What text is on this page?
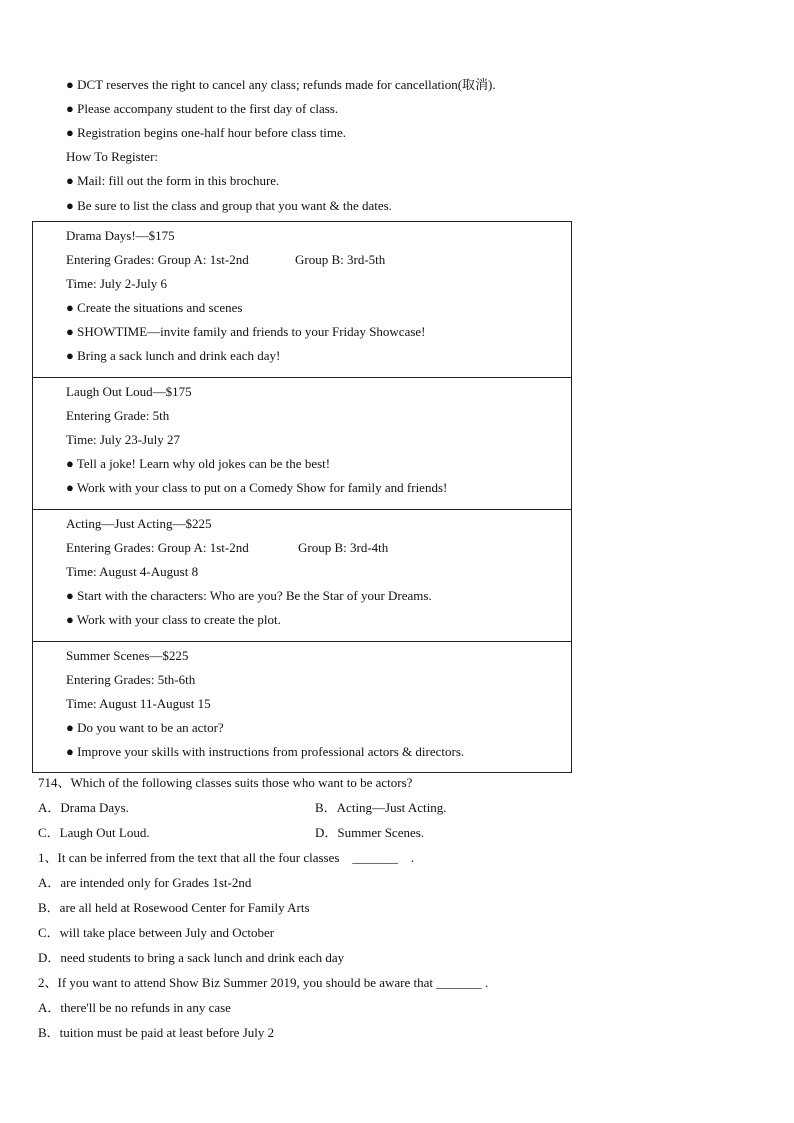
● DCT reserves the right to cancel any class; refunds made for cancellation(取消).
● Please accompany student to the first day of class.
● Registration begins one-half hour before class time.
How To Register:
● Mail: fill out the form in this brochure.
● Be sure to list the class and group that you want & the dates.
Drama Days!—$175
Entering Grades: Group A: 1st-2nd	Group B: 3rd-5th
Time: July 2-July 6
● Create the situations and scenes
● SHOWTIME—invite family and friends to your Friday Showcase!
● Bring a sack lunch and drink each day!
Laugh Out Loud—$175
Entering Grade: 5th
Time: July 23-July 27
● Tell a joke! Learn why old jokes can be the best!
● Work with your class to put on a Comedy Show for family and friends!
Acting—Just Acting—$225
Entering Grades: Group A: 1st-2nd	Group B: 3rd-4th
Time: August 4-August 8
● Start with the characters: Who are you? Be the Star of your Dreams.
● Work with your class to create the plot.
Summer Scenes—$225
Entering Grades: 5th-6th
Time: August 11-August 15
● Do you want to be an actor?
● Improve your skills with instructions from professional actors & directors.
714、Which of the following classes suits those who want to be actors?
A．Drama Days.	B．Acting—Just Acting.
C．Laugh Out Loud.	D．Summer Scenes.
1、It can be inferred from the text that all the four classes　_______　.
A．are intended only for Grades 1st-2nd
B．are all held at Rosewood Center for Family Arts
C．will take place between July and October
D．need students to bring a sack lunch and drink each day
2、If you want to attend Show Biz Summer 2019, you should be aware that _______ .
A．there'll be no refunds in any case
B．tuition must be paid at least before July 2
